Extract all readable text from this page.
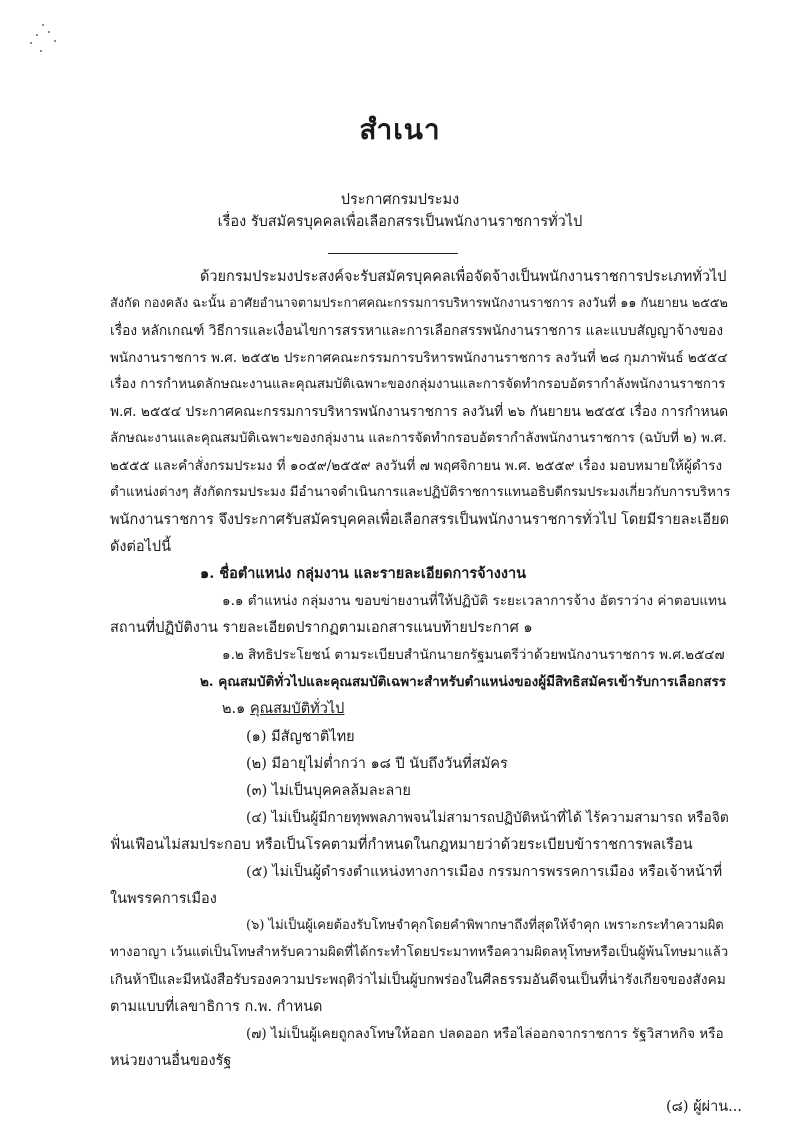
สำเนา
ประกาศกรมประมง
เรื่อง รับสมัครบุคคลเพื่อเลือกสรรเป็นพนักงานราชการทั่วไป
ด้วยกรมประมงประสงค์จะรับสมัครบุคคลเพื่อจัดจ้างเป็นพนักงานราชการประเภททั่วไป
สังกัด กองคลัง ฉะนั้น อาศัยอำนาจตามประกาศคณะกรรมการบริหารพนักงานราชการ ลงวันที่ ๑๑ กันยายน ๒๕๕๒
เรื่อง หลักเกณฑ์ วิธีการและเงื่อนไขการสรรหาและการเลือกสรรพนักงานราชการ และแบบสัญญาจ้างของ
พนักงานราชการ พ.ศ. ๒๕๕๒ ประกาศคณะกรรมการบริหารพนักงานราชการ ลงวันที่ ๒๘ กุมภาพันธ์ ๒๕๕๔
เรื่อง การกำหนดลักษณะงานและคุณสมบัติเฉพาะของกลุ่มงานและการจัดทำกรอบอัตรากำลังพนักงานราชการ
พ.ศ. ๒๕๕๔ ประกาศคณะกรรมการบริหารพนักงานราชการ ลงวันที่ ๒๖ กันยายน ๒๕๕๕ เรื่อง การกำหนด
ลักษณะงานและคุณสมบัติเฉพาะของกลุ่มงาน และการจัดทำกรอบอัตรากำลังพนักงานราชการ (ฉบับที่ ๒) พ.ศ.
๒๕๕๕ และคำสั่งกรมประมง ที่ ๑๐๕๙/๒๕๕๙ ลงวันที่ ๗ พฤศจิกายน พ.ศ. ๒๕๕๙ เรื่อง มอบหมายให้ผู้ดำรง
ตำแหน่งต่างๆ สังกัดกรมประมง มีอำนาจดำเนินการและปฏิบัติราชการแทนอธิบดีกรมประมงเกี่ยวกับการบริหาร
พนักงานราชการ จึงประกาศรับสมัครบุคคลเพื่อเลือกสรรเป็นพนักงานราชการทั่วไป โดยมีรายละเอียด
ดังต่อไปนี้
๑. ชื่อตำแหน่ง กลุ่มงาน และรายละเอียดการจ้างงาน
๑.๑ ตำแหน่ง กลุ่มงาน ขอบข่ายงานที่ให้ปฏิบัติ ระยะเวลาการจ้าง อัตราว่าง ค่าตอบแทน
สถานที่ปฏิบัติงาน รายละเอียดปรากฏตามเอกสารแนบท้ายประกาศ ๑
๑.๒ สิทธิประโยชน์ ตามระเบียบสำนักนายกรัฐมนตรีว่าด้วยพนักงานราชการ พ.ศ.๒๕๔๗
๒. คุณสมบัติทั่วไปและคุณสมบัติเฉพาะสำหรับตำแหน่งของผู้มีสิทธิสมัครเข้ารับการเลือกสรร
๒.๑ คุณสมบัติทั่วไป
(๑) มีสัญชาติไทย
(๒) มีอายุไม่ต่ำกว่า ๑๘ ปี นับถึงวันที่สมัคร
(๓) ไม่เป็นบุคคลล้มละลาย
(๔) ไม่เป็นผู้มีกายทุพพลภาพจนไม่สามารถปฏิบัติหน้าที่ได้ ไร้ความสามารถ หรือจิต
ฟั่นเฟือนไม่สมประกอบ หรือเป็นโรคตามที่กำหนดในกฎหมายว่าด้วยระเบียบข้าราชการพลเรือน
(๕) ไม่เป็นผู้ดำรงตำแหน่งทางการเมือง กรรมการพรรคการเมือง หรือเจ้าหน้าที่
ในพรรคการเมือง
(๖) ไม่เป็นผู้เคยต้องรับโทษจำคุกโดยคำพิพากษาถึงที่สุดให้จำคุก เพราะกระทำความผิด
ทางอาญา เว้นแต่เป็นโทษสำหรับความผิดที่ได้กระทำโดยประมาทหรือความผิดลหุโทษหรือเป็นผู้พ้นโทษมาแล้ว
เกินห้าปีและมีหนังสือรับรองความประพฤติว่าไม่เป็นผู้บกพร่องในศีลธรรมอันดีจนเป็นที่น่ารังเกียจของสังคม
ตามแบบที่เลขาธิการ ก.พ. กำหนด
(๗) ไม่เป็นผู้เคยถูกลงโทษให้ออก ปลดออก หรือไล่ออกจากราชการ รัฐวิสาหกิจ หรือ
หน่วยงานอื่นของรัฐ
(๘) ผู้ผ่าน...
